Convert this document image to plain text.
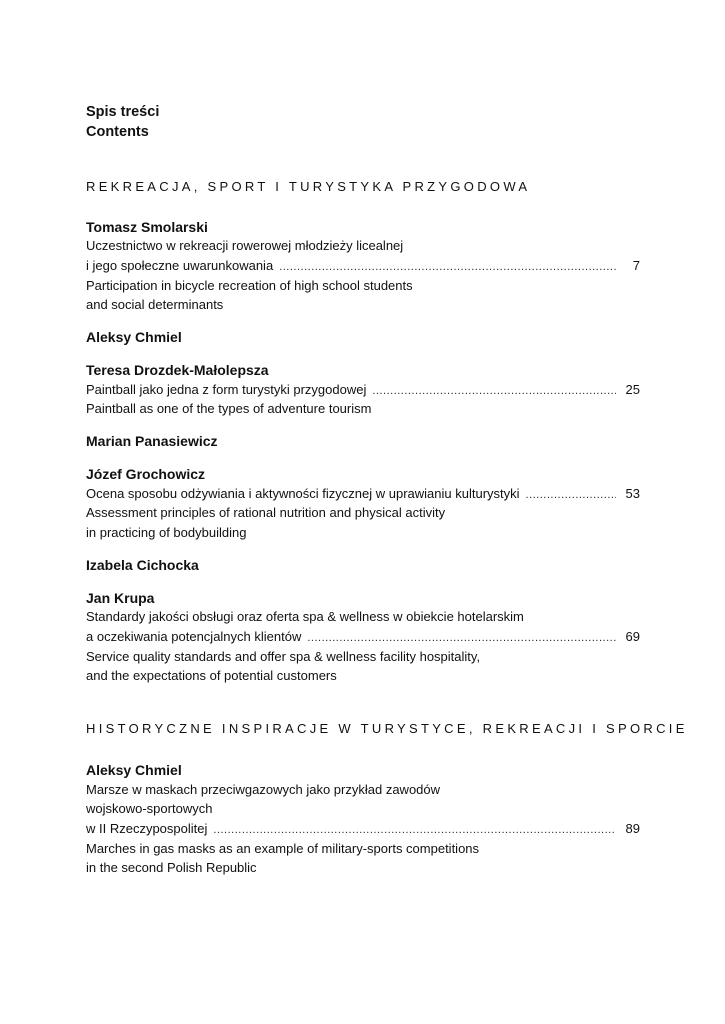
Spis treści
Contents
REKREACJA, SPORT I TURYSTYKA PRZYGODOWA
Tomasz Smolarski
Uczestnictwo w rekreacji rowerowej młodzieży licealnej
i jego społeczne uwarunkowania .....	7
Participation in bicycle recreation of high school students
and social determinants
Aleksy Chmiel
Teresa Drozdek-Małolepsza
Paintball jako jedna z form turystyki przygodowej .....	25
Paintball as one of the types of adventure tourism
Marian Panasiewicz
Józef Grochowicz
Ocena sposobu odżywiania i aktywności fizycznej w uprawianiu kulturystyki .....	53
Assessment principles of rational nutrition and physical activity
in practicing of bodybuilding
Izabela Cichocka
Jan Krupa
Standardy jakości obsługi oraz oferta spa & wellness w obiekcie hotelarskim
a oczekiwania potencjalnych klientów .....	69
Service quality standards and offer spa & wellness facility hospitality,
and the expectations of potential customers
HISTORYCZNE INSPIRACJE W TURYSTYCE, REKREACJI I SPORCIE
Aleksy Chmiel
Marsze w maskach przeciwgazowych jako przykład zawodów
wojskowo-sportowych
w II Rzeczypospolitej .....	89
Marches in gas masks as an example of military-sports competitions
in the second Polish Republic
